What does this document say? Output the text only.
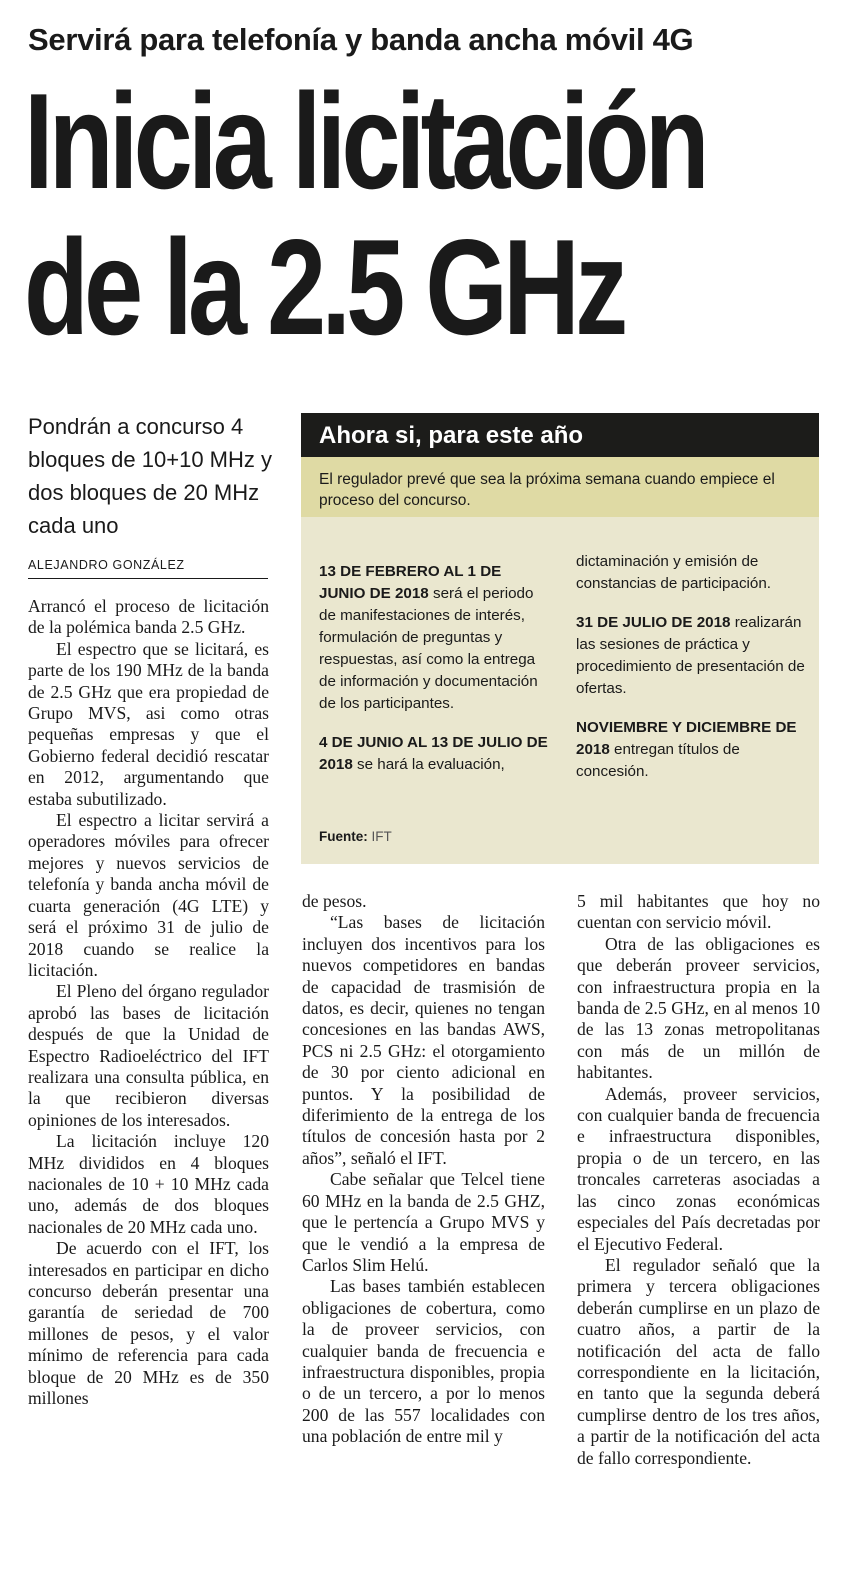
Servirá para telefonía y banda ancha móvil 4G
Inicia licitación
de la 2.5 GHz
Pondrán a concurso 4 bloques de 10+10 MHz y dos bloques de 20 MHz cada uno
ALEJANDRO GONZÁLEZ
Ahora si, para este año
El regulador prevé que sea la próxima semana cuando empiece el proceso del concurso.

13 DE FEBRERO AL 1 DE JUNIO DE 2018 será el periodo de manifestaciones de interés, formulación de preguntas y respuestas, así como la entrega de información y documentación de los participantes.

4 DE JUNIO AL 13 DE JULIO DE 2018 se hará la evaluación,

dictaminación y emisión de constancias de participación.

31 DE JULIO DE 2018 realizarán las sesiones de práctica y procedimiento de presentación de ofertas.

NOVIEMBRE Y DICIEMBRE DE 2018 entregan títulos de concesión.

Fuente: IFT

Arrancó el proceso de licitación de la polémica banda 2.5 GHz.

El espectro que se licitará, es parte de los 190 MHz de la banda de 2.5 GHz que era propiedad de Grupo MVS, asi como otras pequeñas empresas y que el Gobierno federal decidió rescatar en 2012, argumentando que estaba subutilizado.

El espectro a licitar servirá a operadores móviles para ofrecer mejores y nuevos servicios de telefonía y banda ancha móvil de cuarta generación (4G LTE) y será el próximo 31 de julio de 2018 cuando se realice la licitación.

El Pleno del órgano regulador aprobó las bases de licitación después de que la Unidad de Espectro Radioeléctrico del IFT realizara una consulta pública, en la que recibieron diversas opiniones de los interesados.

La licitación incluye 120 MHz divididos en 4 bloques nacionales de 10 + 10 MHz cada uno, además de dos bloques nacionales de 20 MHz cada uno.

De acuerdo con el IFT, los interesados en participar en dicho concurso deberán presentar una garantía de seriedad de 700 millones de pesos, y el valor mínimo de referencia para cada bloque de 20 MHz es de 350 millones

de pesos.

“Las bases de licitación incluyen dos incentivos para los nuevos competidores en bandas de capacidad de trasmisión de datos, es decir, quienes no tengan concesiones en las bandas AWS, PCS ni 2.5 GHz: el otorgamiento de 30 por ciento adicional en puntos. Y la posibilidad de diferimiento de la entrega de los títulos de concesión hasta por 2 años”, señaló el IFT.

Cabe señalar que Telcel tiene 60 MHz en la banda de 2.5 GHZ, que le pertencía a Grupo MVS y que le vendió a la empresa de Carlos Slim Helú.

Las bases también establecen obligaciones de cobertura, como la de proveer servicios, con cualquier banda de frecuencia e infraestructura disponibles, propia o de un tercero, a por lo menos 200 de las 557 localidades con una población de entre mil y

5 mil habitantes que hoy no cuentan con servicio móvil.

Otra de las obligaciones es que deberán proveer servicios, con infraestructura propia en la banda de 2.5 GHz, en al menos 10 de las 13 zonas metropolitanas con más de un millón de habitantes.

Además, proveer servicios, con cualquier banda de frecuencia e infraestructura disponibles, propia o de un tercero, en las troncales carreteras asociadas a las cinco zonas económicas especiales del País decretadas por el Ejecutivo Federal.

El regulador señaló que la primera y tercera obligaciones deberán cumplirse en un plazo de cuatro años, a partir de la notificación del acta de fallo correspondiente en la licitación, en tanto que la segunda deberá cumplirse dentro de los tres años, a partir de la notificación del acta de fallo correspondiente.
